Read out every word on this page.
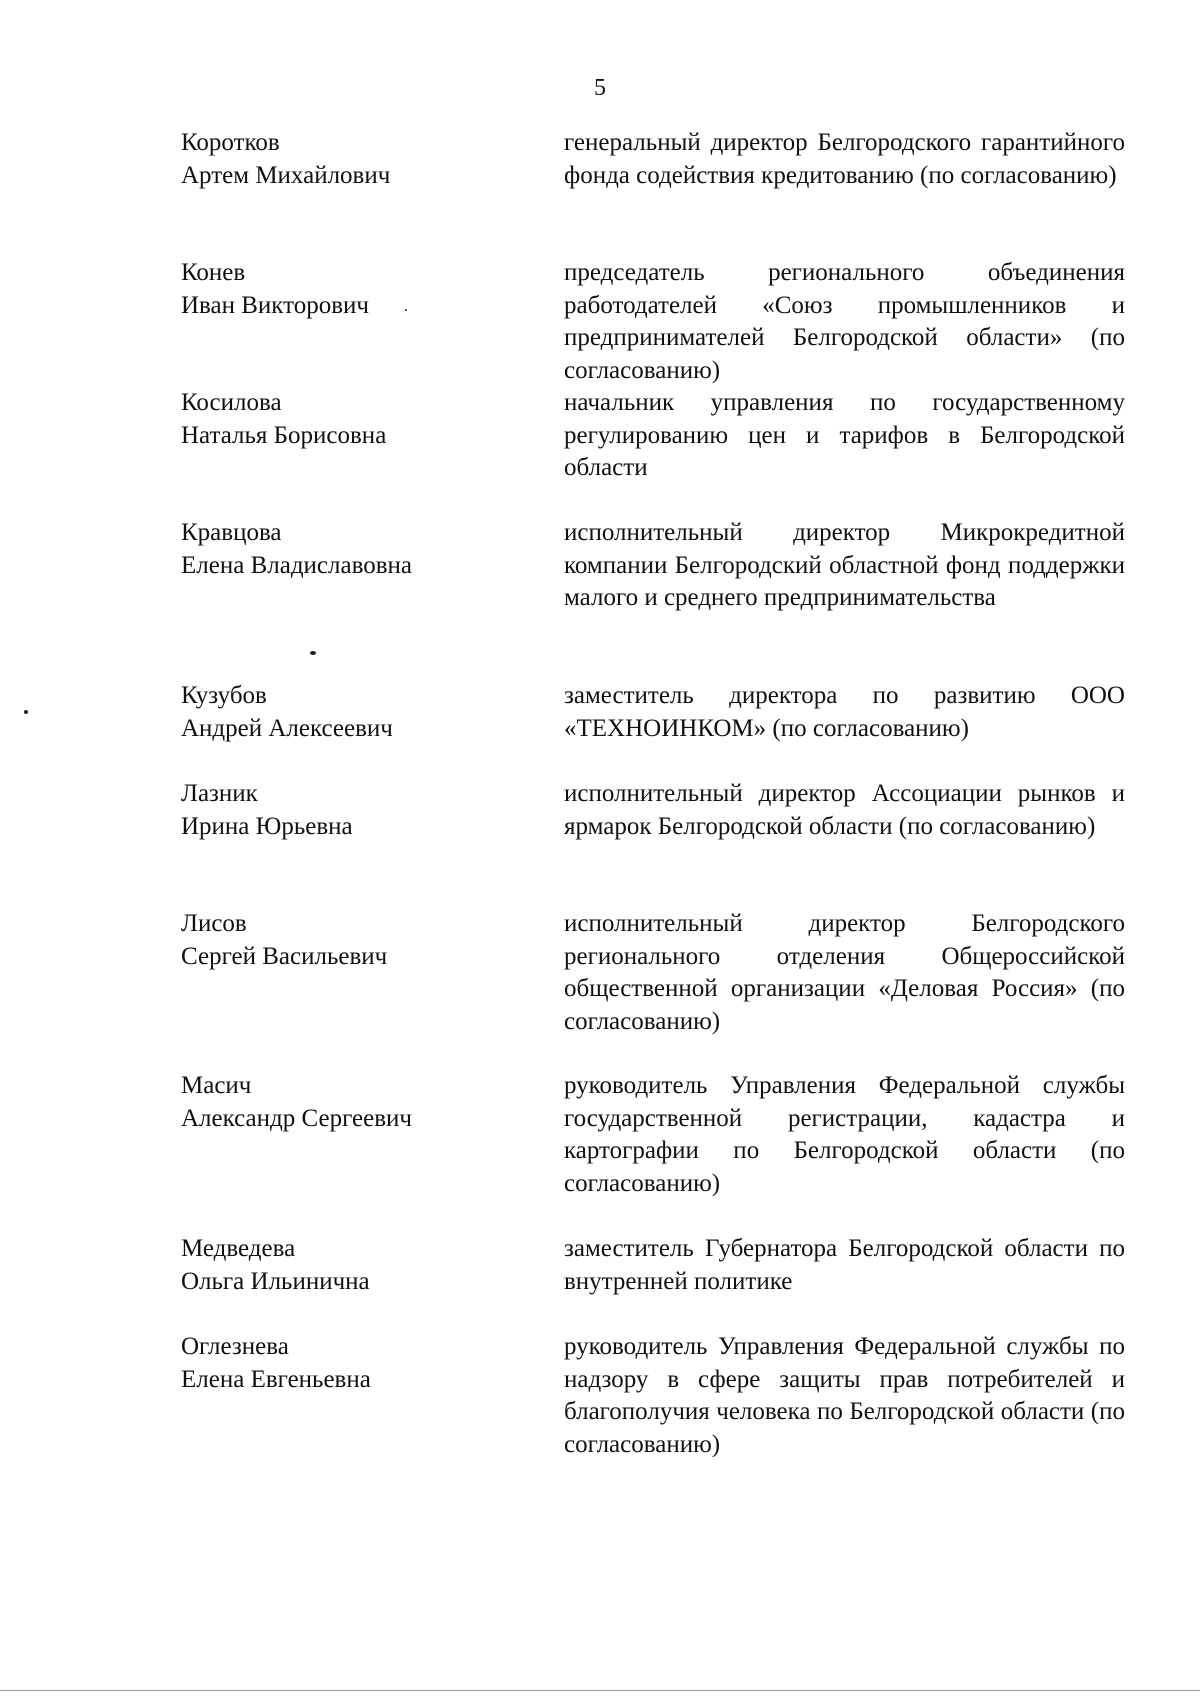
5
Коротков
Артем Михайлович
генеральный директор Белгородского гарантийного фонда содействия кредитованию (по согласованию)
Конев
Иван Викторович
председатель регионального объединения работодателей «Союз промышленников и предпринимателей Белгородской области» (по согласованию)
Косилова
Наталья Борисовна
начальник управления по государственному регулированию цен и тарифов в Белгородской области
Кравцова
Елена Владиславовна
исполнительный директор Микрокредитной компании Белгородский областной фонд поддержки малого и среднего предпринимательства
Кузубов
Андрей Алексеевич
заместитель директора по развитию ООО «ТЕХНОИНКОМ» (по согласованию)
Лазник
Ирина Юрьевна
исполнительный директор Ассоциации рынков и ярмарок Белгородской области (по согласованию)
Лисов
Сергей Васильевич
исполнительный директор Белгородского регионального отделения Общероссийской общественной организации «Деловая Россия» (по согласованию)
Масич
Александр Сергеевич
руководитель Управления Федеральной службы государственной регистрации, кадастра и картографии по Белгородской области (по согласованию)
Медведева
Ольга Ильинична
заместитель Губернатора Белгородской области по внутренней политике
Оглезнева
Елена Евгеньевна
руководитель Управления Федеральной службы по надзору в сфере защиты прав потребителей и благополучия человека по Белгородской области (по согласованию)
